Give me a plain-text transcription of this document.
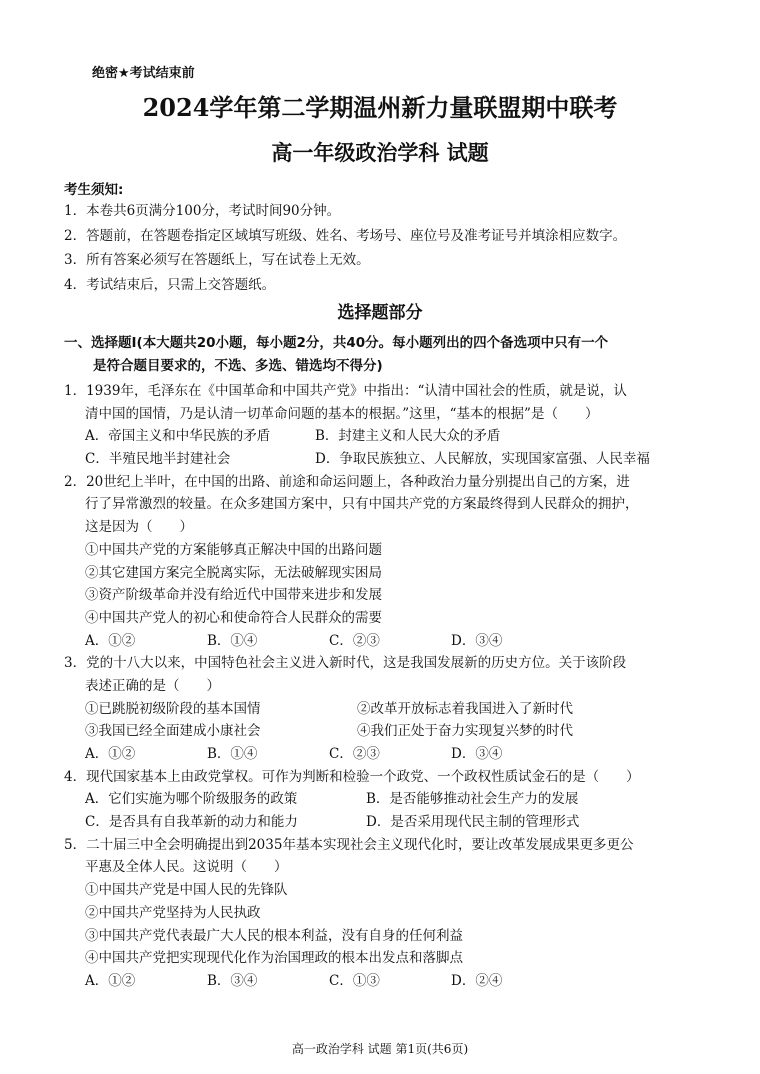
绝密★考试结束前
2024学年第二学期温州新力量联盟期中联考
高一年级政治学科 试题
考生须知:
1．本卷共6页满分100分，考试时间90分钟。
2．答题前，在答题卷指定区域填写班级、姓名、考场号、座位号及准考证号并填涂相应数字。
3．所有答案必须写在答题纸上，写在试卷上无效。
4．考试结束后，只需上交答题纸。
选择题部分
一、选择题Ⅰ(本大题共20小题，每小题2分，共40分。每小题列出的四个备选项中只有一个
是符合题目要求的，不选、多选、错选均不得分)
1．1939年，毛泽东在《中国革命和中国共产党》中指出：“认清中国社会的性质，就是说，认
清中国的国情，乃是认清一切革命问题的基本的根据。”这里，“基本的根据”是（　　）
A．帝国主义和中华民族的矛盾	B．封建主义和人民大众的矛盾
C．半殖民地半封建社会	D．争取民族独立、人民解放，实现国家富强、人民幸福
2．20世纪上半叶，在中国的出路、前途和命运问题上，各种政治力量分别提出自己的方案，进
行了异常激烈的较量。在众多建国方案中，只有中国共产党的方案最终得到人民群众的拥护，
这是因为（　　）
①中国共产党的方案能够真正解决中国的出路问题
②其它建国方案完全脱离实际，无法破解现实困局
③资产阶级革命并没有给近代中国带来进步和发展
④中国共产党人的初心和使命符合人民群众的需要
A．①②	B．①④	C．②③	D．③④
3．党的十八大以来，中国特色社会主义进入新时代，这是我国发展新的历史方位。关于该阶段
表述正确的是（　　）
①已跳脱初级阶段的基本国情	②改革开放标志着我国进入了新时代
③我国已经全面建成小康社会	④我们正处于奋力实现复兴梦的时代
A．①②	B．①④	C．②③	D．③④
4．现代国家基本上由政党掌权。可作为判断和检验一个政党、一个政权性质试金石的是（　　）
A．它们实施为哪个阶级服务的政策	B．是否能够推动社会生产力的发展
C．是否具有自我革新的动力和能力	D．是否采用现代民主制的管理形式
5．二十届三中全会明确提出到2035年基本实现社会主义现代化时，要让改革发展成果更多更公
平惠及全体人民。这说明（　　）
①中国共产党是中国人民的先锋队
②中国共产党坚持为人民执政
③中国共产党代表最广大人民的根本利益，没有自身的任何利益
④中国共产党把实现现代化作为治国理政的根本出发点和落脚点
A．①②	B．③④	C．①③	D．②④
高一政治学科 试题 第1页(共6页)
